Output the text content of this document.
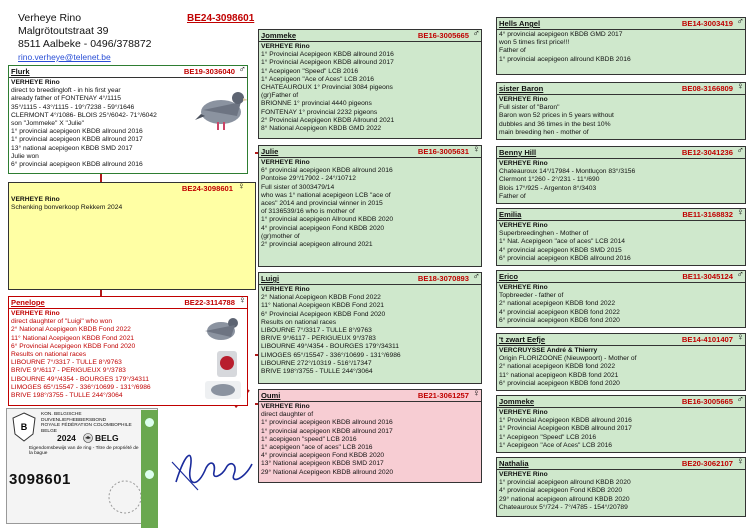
Verheye Rino
Malgrötoutstraat 39
8511 Aalbeke - 0496/378872
rino.verheye@telenet.be
BE24-3098601
Flurk	BE19-3036040 ♂
VERHEYE Rino
direct to breedingloft - in his first year
already father of FONTENAY 4°/1115
35°/1115 - 43°/1115 - 19°/7238 - 59°/1646
CLERMONT 4°/1086- BLOIS 25°/6042- 71°/6042
son "Jommeke" X "Julie"
1° provincial acepigeon KBDB allround 2016
1° provincial acepigeon KBDB allround 2017
13° national acepigeon KBDB SMD 2017
Julie won
6° provincial acepigeon KBDB allround 2016
BE24-3098601 ♀
VERHEYE Rino
Schenking bonverkoop Rekkem 2024
Penelope	BE22-3114788 ♀
VERHEYE Rino
direct daughter of "Luigi" who won
2° National Acepigeon KBDB Fond 2022
11° National Acepigeon KBDB Fond 2021
6° Provincial Acepigeon KBDB Fond 2020
Results on national races
LIBOURNE 7°/3317 - TULLE 8°/9763
BRIVE 9°/6117 - PERIGUEUX 9°/3783
LIBOURNE 49°/4354 - BOURGES 179°/34311
LIMOGES 65°/15547 - 336°/10699 - 131°/6986
BRIVE 198°/3755 - TULLE 244°/3064
Jommeke	BE16-3005665 ♂
VERHEYE Rino
1° Provincial Acepigeon KBDB allround 2016
1° Provincial Acepigeon KBDB allround 2017
1° Acepigeon "Speed" LCB 2016
1° Acepigeon "Ace of Aces" LCB 2016
CHATEAUROUX 1° Provincial 3084 pigeons
(gr)Father of
BRIONNE 1° provincial 4440 pigeons
FONTENAY 1° provincial 2232 pigeons
2° Provincial Acepigeon KBDB Allround 2021
8° National Acepigeon KBDB GMD 2022
Julie	BE16-3005631 ♀
VERHEYE Rino
6° provincial acepigeon KBDB allround 2016
Pontoise 29°/17902 - 24°/10712
Full sister of 3003479/14
who was 1° national acepigeon LCB "ace of
aces" 2014 and provincial winner in 2015
of 3136539/16 who is mother of
1° provincial acepigeon Allround KBDB 2020
4° provincial acepigeon Fond KBDB 2020
(gr)mother of
2° provincial acepigeon allround 2021
Luigi	BE18-3070893 ♂
VERHEYE Rino
2° National Acepigeon KBDB Fond 2022
11° National Acepigeon KBDB Fond 2021
6° Provincial Acepigeon KBDB Fond 2020
Results on national races
LIBOURNE 7°/3317 - TULLE 8°/9763
BRIVE 9°/6117 - PERIGUEUX 9°/3783
LIBOURNE 49°/4354 - BOURGES 179°/34311
LIMOGES 65°/15547 - 336°/10699 - 131°/6986
LIBOURNE 272°/10319 - 516°/17347
BRIVE 198°/3755 - TULLE 244°/3064
Oumi	BE21-3061257 ♀
VERHEYE Rino
direct daughter of
1° provincial acepigeon KBDB allround 2016
1° provincial acepigeon KBDB allround 2017
1° acepigeon "speed" LCB 2016
1° acepigeon "ace of aces" LCB 2016
4° provincial acepigeon Fond KBDB 2020
13° National acepigeon KBDB SMD 2017
29° National Acepigeon KBDB allround 2020
Hells Angel	BE14-3003419 ♂
4° provincial acepigeon KBDB GMD 2017
won 5 times first price!!!
Father of
1° provincial acepigeon allround KBDB 2016
sister Baron	BE08-3166809 ♀
VERHEYE Rino
Full sister of "Baron"
Baron won 52 prices in 5 years without
dubbles and 36 times in the best 10%
main breeding hen - mother of
Benny Hill	BE12-3041236 ♂
VERHEYE Rino
Chateauroux 14°/17984 - Montluçon 83°/3156
Clermont 1°260 - 2°/231 - 11°/690
Blois 17°/925 - Argenton 8°/3403
Father of
Emilia	BE11-3168832 ♀
VERHEYE Rino
Superbreedinghen - Mother of
1° Nat. Acepigeon "ace of aces" LCB 2014
4° provincial acepigeon KBDB SMD 2015
6° provincial acepigeon KBDB allround 2016
Erico	BE11-3045124 ♂
VERHEYE Rino
Topbreeder - father of
2° national acepigeon KBDB fond 2022
4° provincial acepigeon KBDB fond 2022
6° provincial acepigeon KBDB fond 2020
't zwart Eefje	BE14-4101407 ♀
VERCRUYSSE André & Thierry
Origin FLORIZOONE (Nieuwpoort) - Mother of
2° national acepigeon KBDB fond 2022
11° national acepigeon KBDB fond 2021
6° provincial acepigeon KBDB fond 2020
Jommeke	BE16-3005665 ♂
VERHEYE Rino
1° Provincial Acepigeon KBDB allround 2016
1° Provincial Acepigeon KBDB allround 2017
1° Acepigeon "Speed" LCB 2016
1° Acepigeon "Ace of Aces" LCB 2016
Nathalia	BE20-3062107 ♀
VERHEYE Rino
1° provincial acepigeon allround KBDB 2020
4° provincial acepigeon Fond KBDB 2020
29° national acepigeon allround KBDB 2020
Chateauroux 5°/724 - 7°/4785 - 154°/20789
B
KON. BELGISCHE DUIVENLIEFHEBBERSBOND
ROYALE FÉDÉRATION COLOMBOPHILE BELGE
2024 BELG
Eigendomsbewijs van de ring - Titre de propriété de la bague
3098601
